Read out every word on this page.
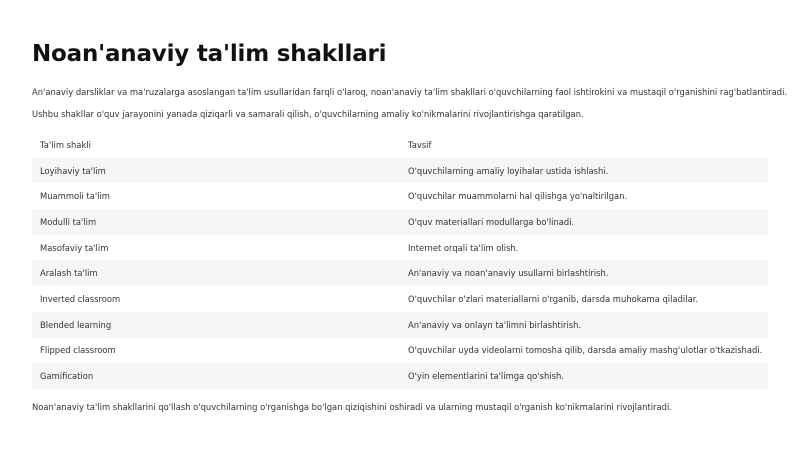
Noan'anaviy ta'lim shakllari

An'anaviy darsliklar va ma'ruzalarga asoslangan ta'lim usullaridan farqli o'laroq, noan'anaviy ta'lim shakllari o'quvchilarning faol ishtirokini va mustaqil o'rganishini rag'batlantiradi.

Ushbu shakllar o'quv jarayonini yanada qiziqarli va samarali qilish, o'quvchilarning amaliy ko'nikmalarini rivojlantirishga qaratilgan.

Ta'lim shakli	Tavsif
Loyihaviy ta'lim	O'quvchilarning amaliy loyihalar ustida ishlashi.
Muammoli ta'lim	O'quvchilar muammolarni hal qilishga yo'naltirilgan.
Modulli ta'lim	O'quv materiallari modullarga bo'linadi.
Masofaviy ta'lim	Internet orqali ta'lim olish.
Aralash ta'lim	An'anaviy va noan'anaviy usullarni birlashtirish.
Inverted classroom	O'quvchilar o'zlari materiallarni o'rganib, darsda muhokama qiladilar.
Blended learning	An'anaviy va onlayn ta'limni birlashtirish.
Flipped classroom	O'quvchilar uyda videolarni tomosha qilib, darsda amaliy mashg'ulotlar o'tkazishadi.
Gamification	O'yin elementlarini ta'limga qo'shish.

Noan'anaviy ta'lim shakllarini qo'llash o'quvchilarning o'rganishga bo'lgan qiziqishini oshiradi va ularning mustaqil o'rganish ko'nikmalarini rivojlantiradi.
